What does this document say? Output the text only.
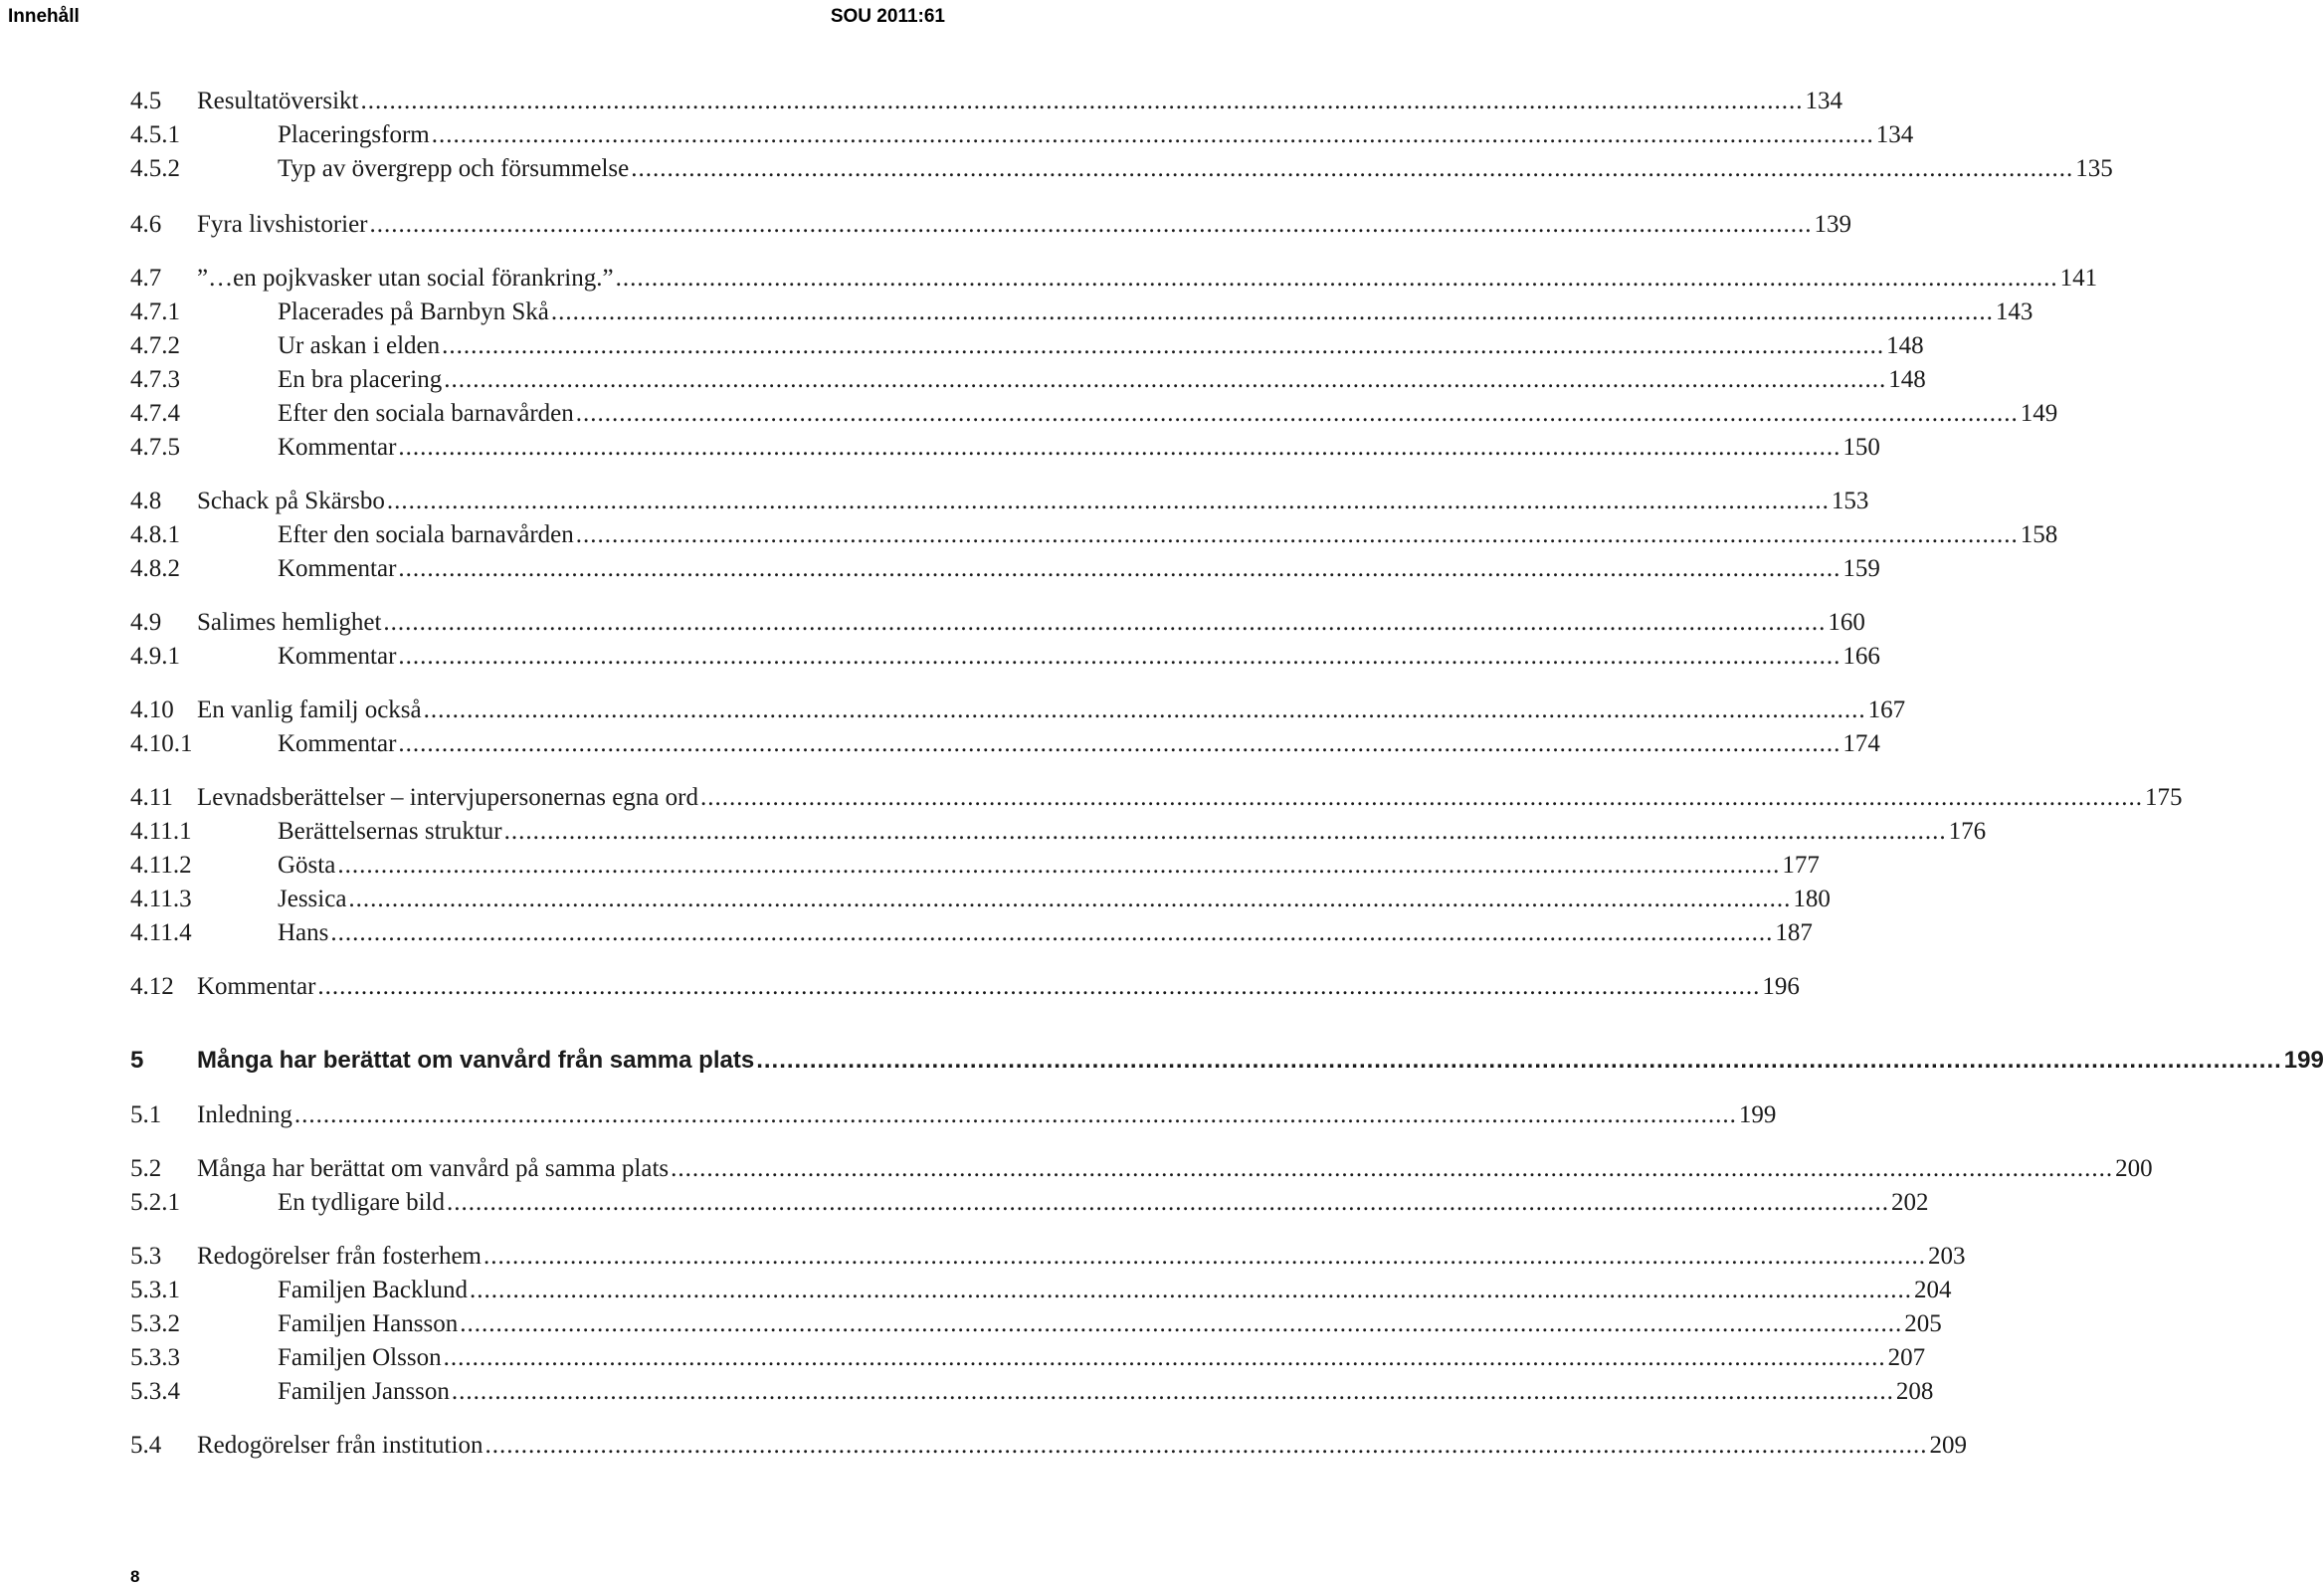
Innehåll	SOU 2011:61
4.5 Resultatöversikt ........................................................................................................................................................................................................ 134
4.5.1	Placeringsform ........................................................................................................................................................................................................ 134
4.5.2	Typ av övergrepp och försummelse ........................................................................................................................................................................................................ 135
4.6 Fyra livshistorier ........................................................................................................................................................................................................ 139
4.7 ”…en pojkvasker utan social förankring.” ........................................................................................................................................................................................................ 141
4.7.1	Placerades på Barnbyn Skå ........................................................................................................................................................................................................ 143
4.7.2	Ur askan i elden ........................................................................................................................................................................................................ 148
4.7.3	En bra placering ........................................................................................................................................................................................................ 148
4.7.4	Efter den sociala barnavården ........................................................................................................................................................................................................ 149
4.7.5	Kommentar ........................................................................................................................................................................................................ 150
4.8 Schack på Skärsbo ........................................................................................................................................................................................................ 153
4.8.1	Efter den sociala barnavården ........................................................................................................................................................................................................ 158
4.8.2	Kommentar ........................................................................................................................................................................................................ 159
4.9 Salimes hemlighet ........................................................................................................................................................................................................ 160
4.9.1	Kommentar ........................................................................................................................................................................................................ 166
4.10 En vanlig familj också ........................................................................................................................................................................................................ 167
4.10.1	Kommentar ........................................................................................................................................................................................................ 174
4.11 Levnadsberättelser – intervjupersonernas egna ord ........................................................................................................................................................................................................ 175
4.11.1	Berättelsernas struktur ........................................................................................................................................................................................................ 176
4.11.2	Gösta ........................................................................................................................................................................................................ 177
4.11.3	Jessica ........................................................................................................................................................................................................ 180
4.11.4	Hans ........................................................................................................................................................................................................ 187
4.12 Kommentar ........................................................................................................................................................................................................ 196
5 Många har berättat om vanvård från samma plats ........................................................................................................................................................................................................ 199
5.1 Inledning ........................................................................................................................................................................................................ 199
5.2 Många har berättat om vanvård på samma plats ........................................................................................................................................................................................................ 200
5.2.1	En tydligare bild ........................................................................................................................................................................................................ 202
5.3 Redogörelser från fosterhem ........................................................................................................................................................................................................ 203
5.3.1	Familjen Backlund ........................................................................................................................................................................................................ 204
5.3.2	Familjen Hansson ........................................................................................................................................................................................................ 205
5.3.3	Familjen Olsson ........................................................................................................................................................................................................ 207
5.3.4	Familjen Jansson ........................................................................................................................................................................................................ 208
5.4 Redogörelser från institution ........................................................................................................................................................................................................ 209
8
